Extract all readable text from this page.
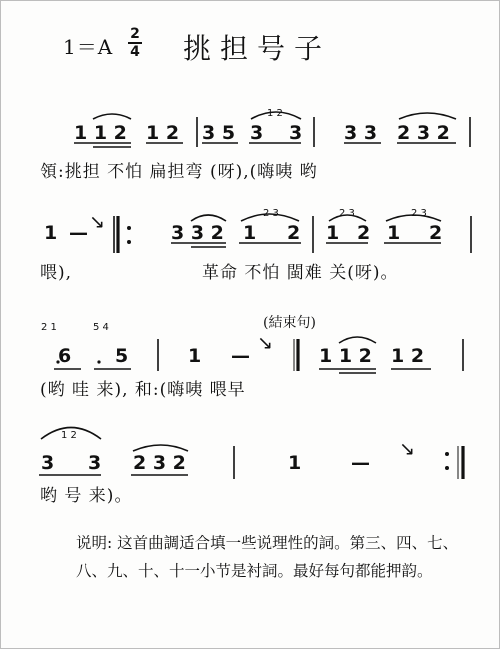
1＝A
2
4 挑担号子
1 1 2 1 2 3 5 3
1 2
3 3 3 2 3 2
領:挑担 不怕 扁担弯 (呀),(嗨咦 哟
1 — ↘	3 3 2 1
2 3
2 1
2 3
2 1
2 3
2
喂),	革命 不怕 閩难 关(呀)。
2 1
6
5 4
5	1 —
↘
(結束句)
1 1 2 1 2
(哟 哇 来), 和:(嗨咦 喂早
3
1 2
3 2 3 2	1	—
↘
哟 号 来)。
说明: 这首曲調适合填一些说理性的詞。第三、四、七、八、九、十、十一小节是衬詞。最好每句都能押韵。
